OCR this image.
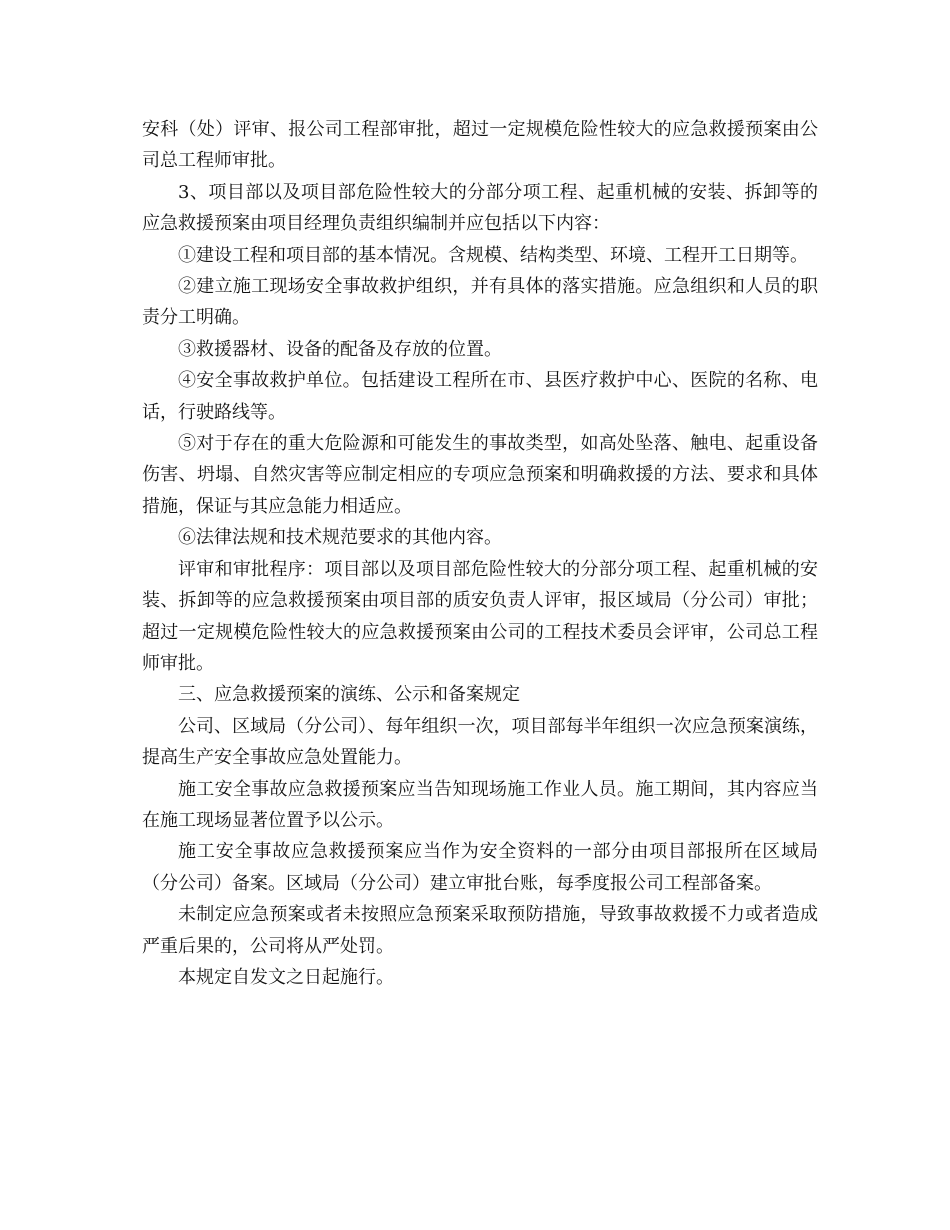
安科（处）评审、报公司工程部审批，超过一定规模危险性较大的应急救援预案由公司总工程师审批。

3、项目部以及项目部危险性较大的分部分项工程、起重机械的安装、拆卸等的应急救援预案由项目经理负责组织编制并应包括以下内容：

①建设工程和项目部的基本情况。含规模、结构类型、环境、工程开工日期等。

②建立施工现场安全事故救护组织，并有具体的落实措施。应急组织和人员的职责分工明确。

③救援器材、设备的配备及存放的位置。

④安全事故救护单位。包括建设工程所在市、县医疗救护中心、医院的名称、电话，行驶路线等。

⑤对于存在的重大危险源和可能发生的事故类型，如高处坠落、触电、起重设备伤害、坍塌、自然灾害等应制定相应的专项应急预案和明确救援的方法、要求和具体措施，保证与其应急能力相适应。

⑥法律法规和技术规范要求的其他内容。

评审和审批程序：项目部以及项目部危险性较大的分部分项工程、起重机械的安装、拆卸等的应急救援预案由项目部的质安负责人评审，报区域局（分公司）审批；超过一定规模危险性较大的应急救援预案由公司的工程技术委员会评审，公司总工程师审批。

三、应急救援预案的演练、公示和备案规定

公司、区域局（分公司）、每年组织一次，项目部每半年组织一次应急预案演练，提高生产安全事故应急处置能力。

施工安全事故应急救援预案应当告知现场施工作业人员。施工期间，其内容应当在施工现场显著位置予以公示。

施工安全事故应急救援预案应当作为安全资料的一部分由项目部报所在区域局（分公司）备案。区域局（分公司）建立审批台账，每季度报公司工程部备案。

未制定应急预案或者未按照应急预案采取预防措施，导致事故救援不力或者造成严重后果的，公司将从严处罚。

本规定自发文之日起施行。
